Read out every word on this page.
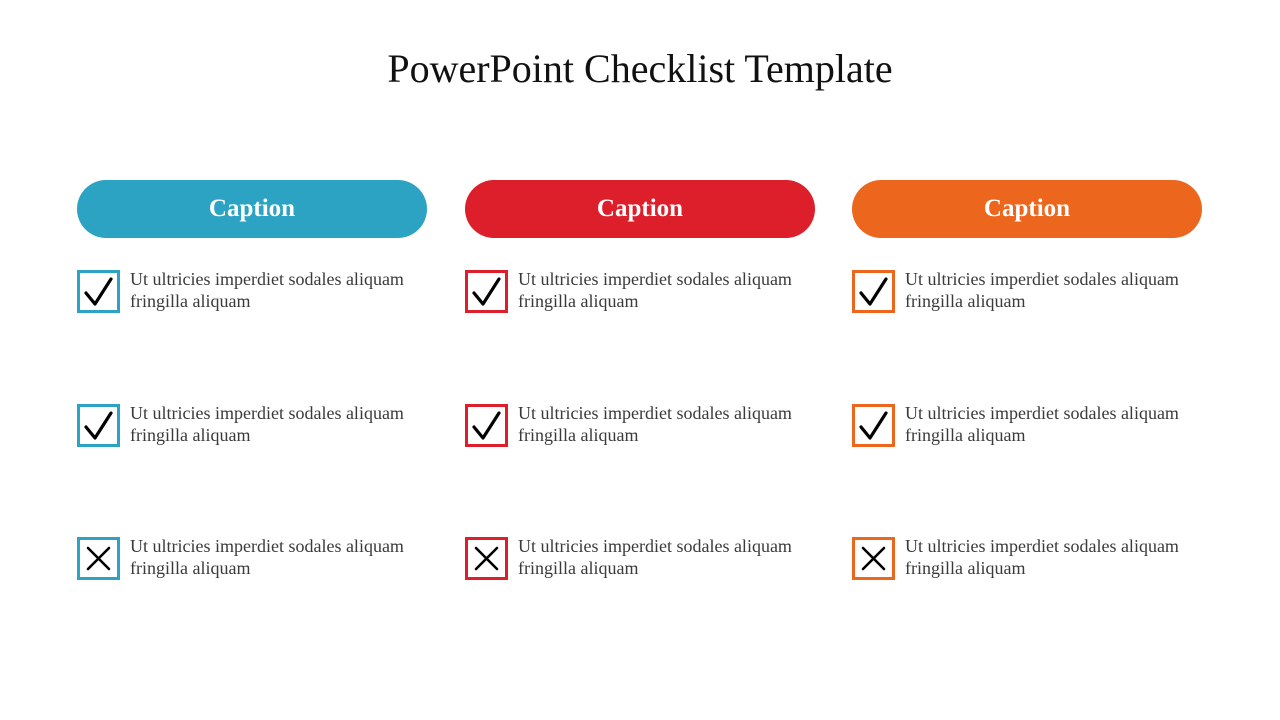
PowerPoint Checklist Template
Caption
Ut ultricies imperdiet sodales aliquam fringilla aliquam
Ut ultricies imperdiet sodales aliquam fringilla aliquam
Ut ultricies imperdiet sodales aliquam fringilla aliquam
Caption
Ut ultricies imperdiet sodales aliquam fringilla aliquam
Ut ultricies imperdiet sodales aliquam fringilla aliquam
Ut ultricies imperdiet sodales aliquam fringilla aliquam
Caption
Ut ultricies imperdiet sodales aliquam fringilla aliquam
Ut ultricies imperdiet sodales aliquam fringilla aliquam
Ut ultricies imperdiet sodales aliquam fringilla aliquam
